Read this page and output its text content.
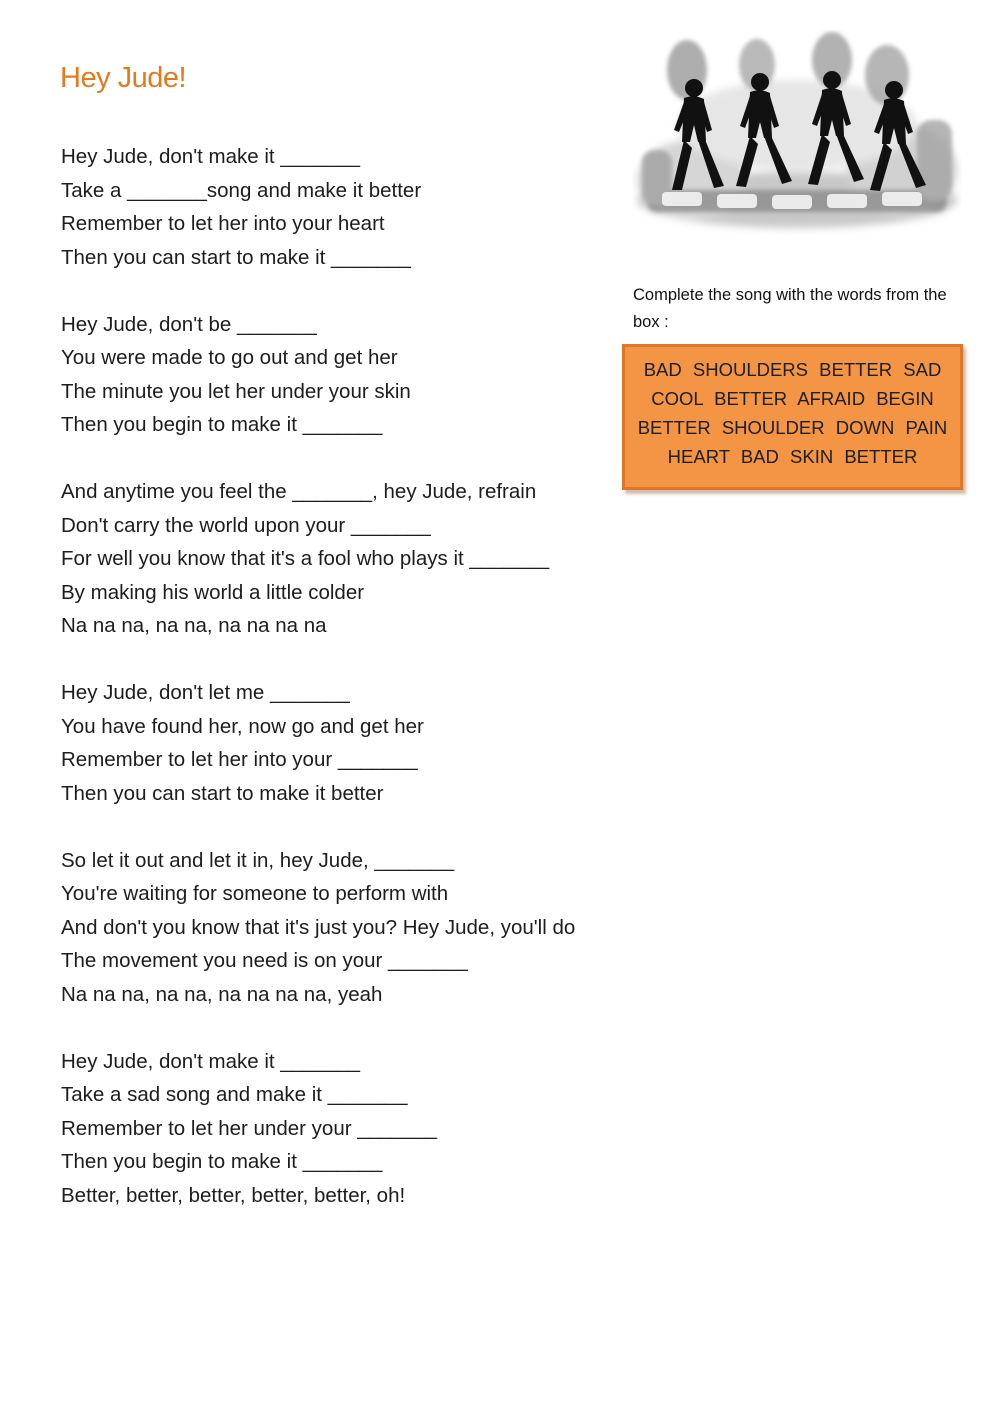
Hey Jude!
Hey Jude, don't make it _______
Take a _______song and make it better
Remember to let her into your heart
Then you can start to make it _______
Hey Jude, don't be _______
You were made to go out and get her
The minute you let her under your skin
Then you begin to make it _______
And anytime you feel the _______, hey Jude, refrain
Don't carry the world upon your _______
For well you know that it's a fool who plays it _______
By making his world a little colder
Na na na, na na, na na na na
Hey Jude, don't let me _______
You have found her, now go and get her
Remember to let her into your _______
Then you can start to make it better
So let it out and let it in, hey Jude, _______
You're waiting for someone to perform with
And don't you know that it's just you? Hey Jude, you'll do
The movement you need is on your _______
Na na na, na na, na na na na, yeah
Hey Jude, don't make it _______
Take a sad song and make it _______
Remember to let her under your _______
Then you begin to make it _______
Better, better, better, better, better, oh!
Complete the song with the words from the box :
BAD SHOULDERS BETTER SAD
COOL BETTER AFRAID BEGIN
BETTER SHOULDER DOWN PAIN
HEART BAD SKIN BETTER
